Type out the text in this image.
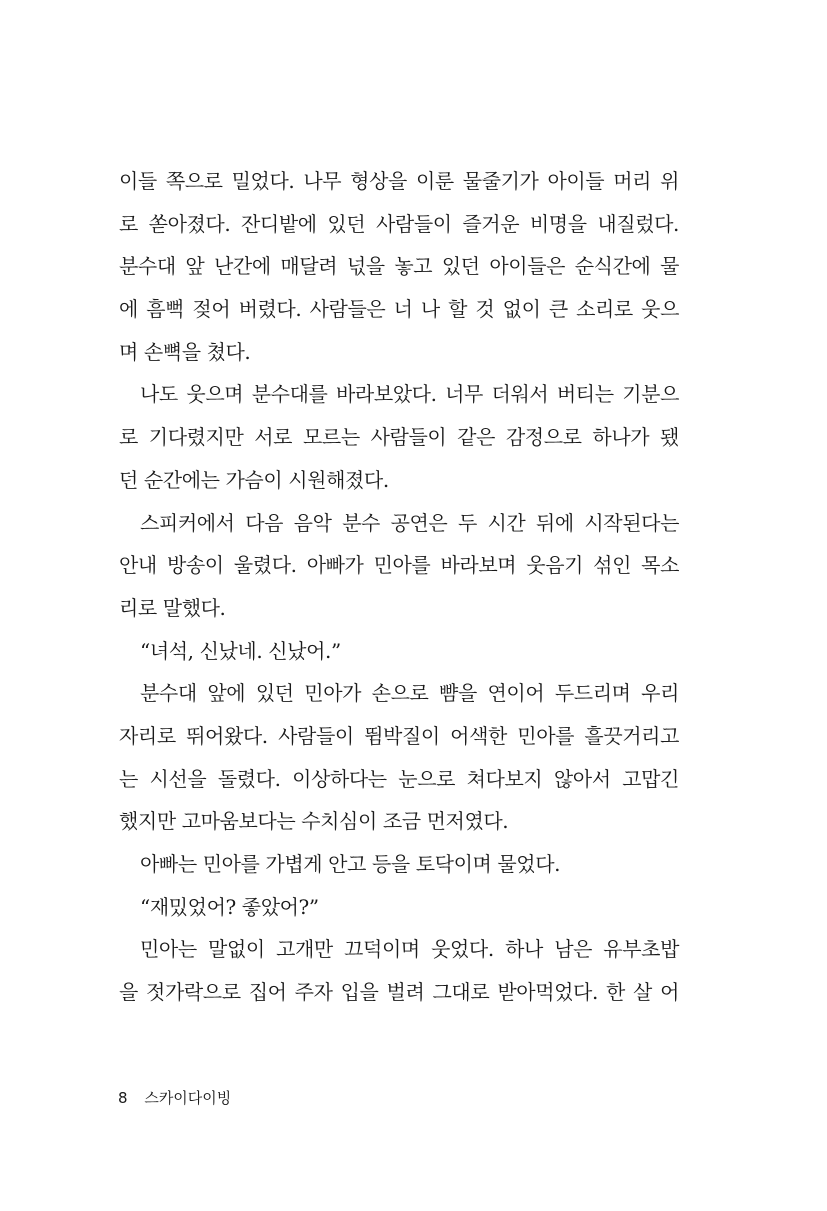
이들 쪽으로 밀었다. 나무 형상을 이룬 물줄기가 아이들 머리 위
로 쏟아졌다. 잔디밭에 있던 사람들이 즐거운 비명을 내질렀다.
분수대 앞 난간에 매달려 넋을 놓고 있던 아이들은 순식간에 물
에 흠뻑 젖어 버렸다. 사람들은 너 나 할 것 없이 큰 소리로 웃으
며 손뼉을 쳤다.
나도 웃으며 분수대를 바라보았다. 너무 더워서 버티는 기분으
로 기다렸지만 서로 모르는 사람들이 같은 감정으로 하나가 됐
던 순간에는 가슴이 시원해졌다.
스피커에서 다음 음악 분수 공연은 두 시간 뒤에 시작된다는
안내 방송이 울렸다. 아빠가 민아를 바라보며 웃음기 섞인 목소
리로 말했다.
“녀석, 신났네. 신났어.”
분수대 앞에 있던 민아가 손으로 뺨을 연이어 두드리며 우리
자리로 뛰어왔다. 사람들이 뜀박질이 어색한 민아를 흘끗거리고
는 시선을 돌렸다. 이상하다는 눈으로 쳐다보지 않아서 고맙긴
했지만 고마움보다는 수치심이 조금 먼저였다.
아빠는 민아를 가볍게 안고 등을 토닥이며 물었다.
“재밌었어? 좋았어?”
민아는 말없이 고개만 끄덕이며 웃었다. 하나 남은 유부초밥
을 젓가락으로 집어 주자 입을 벌려 그대로 받아먹었다. 한 살 어
8 스카이다이빙
